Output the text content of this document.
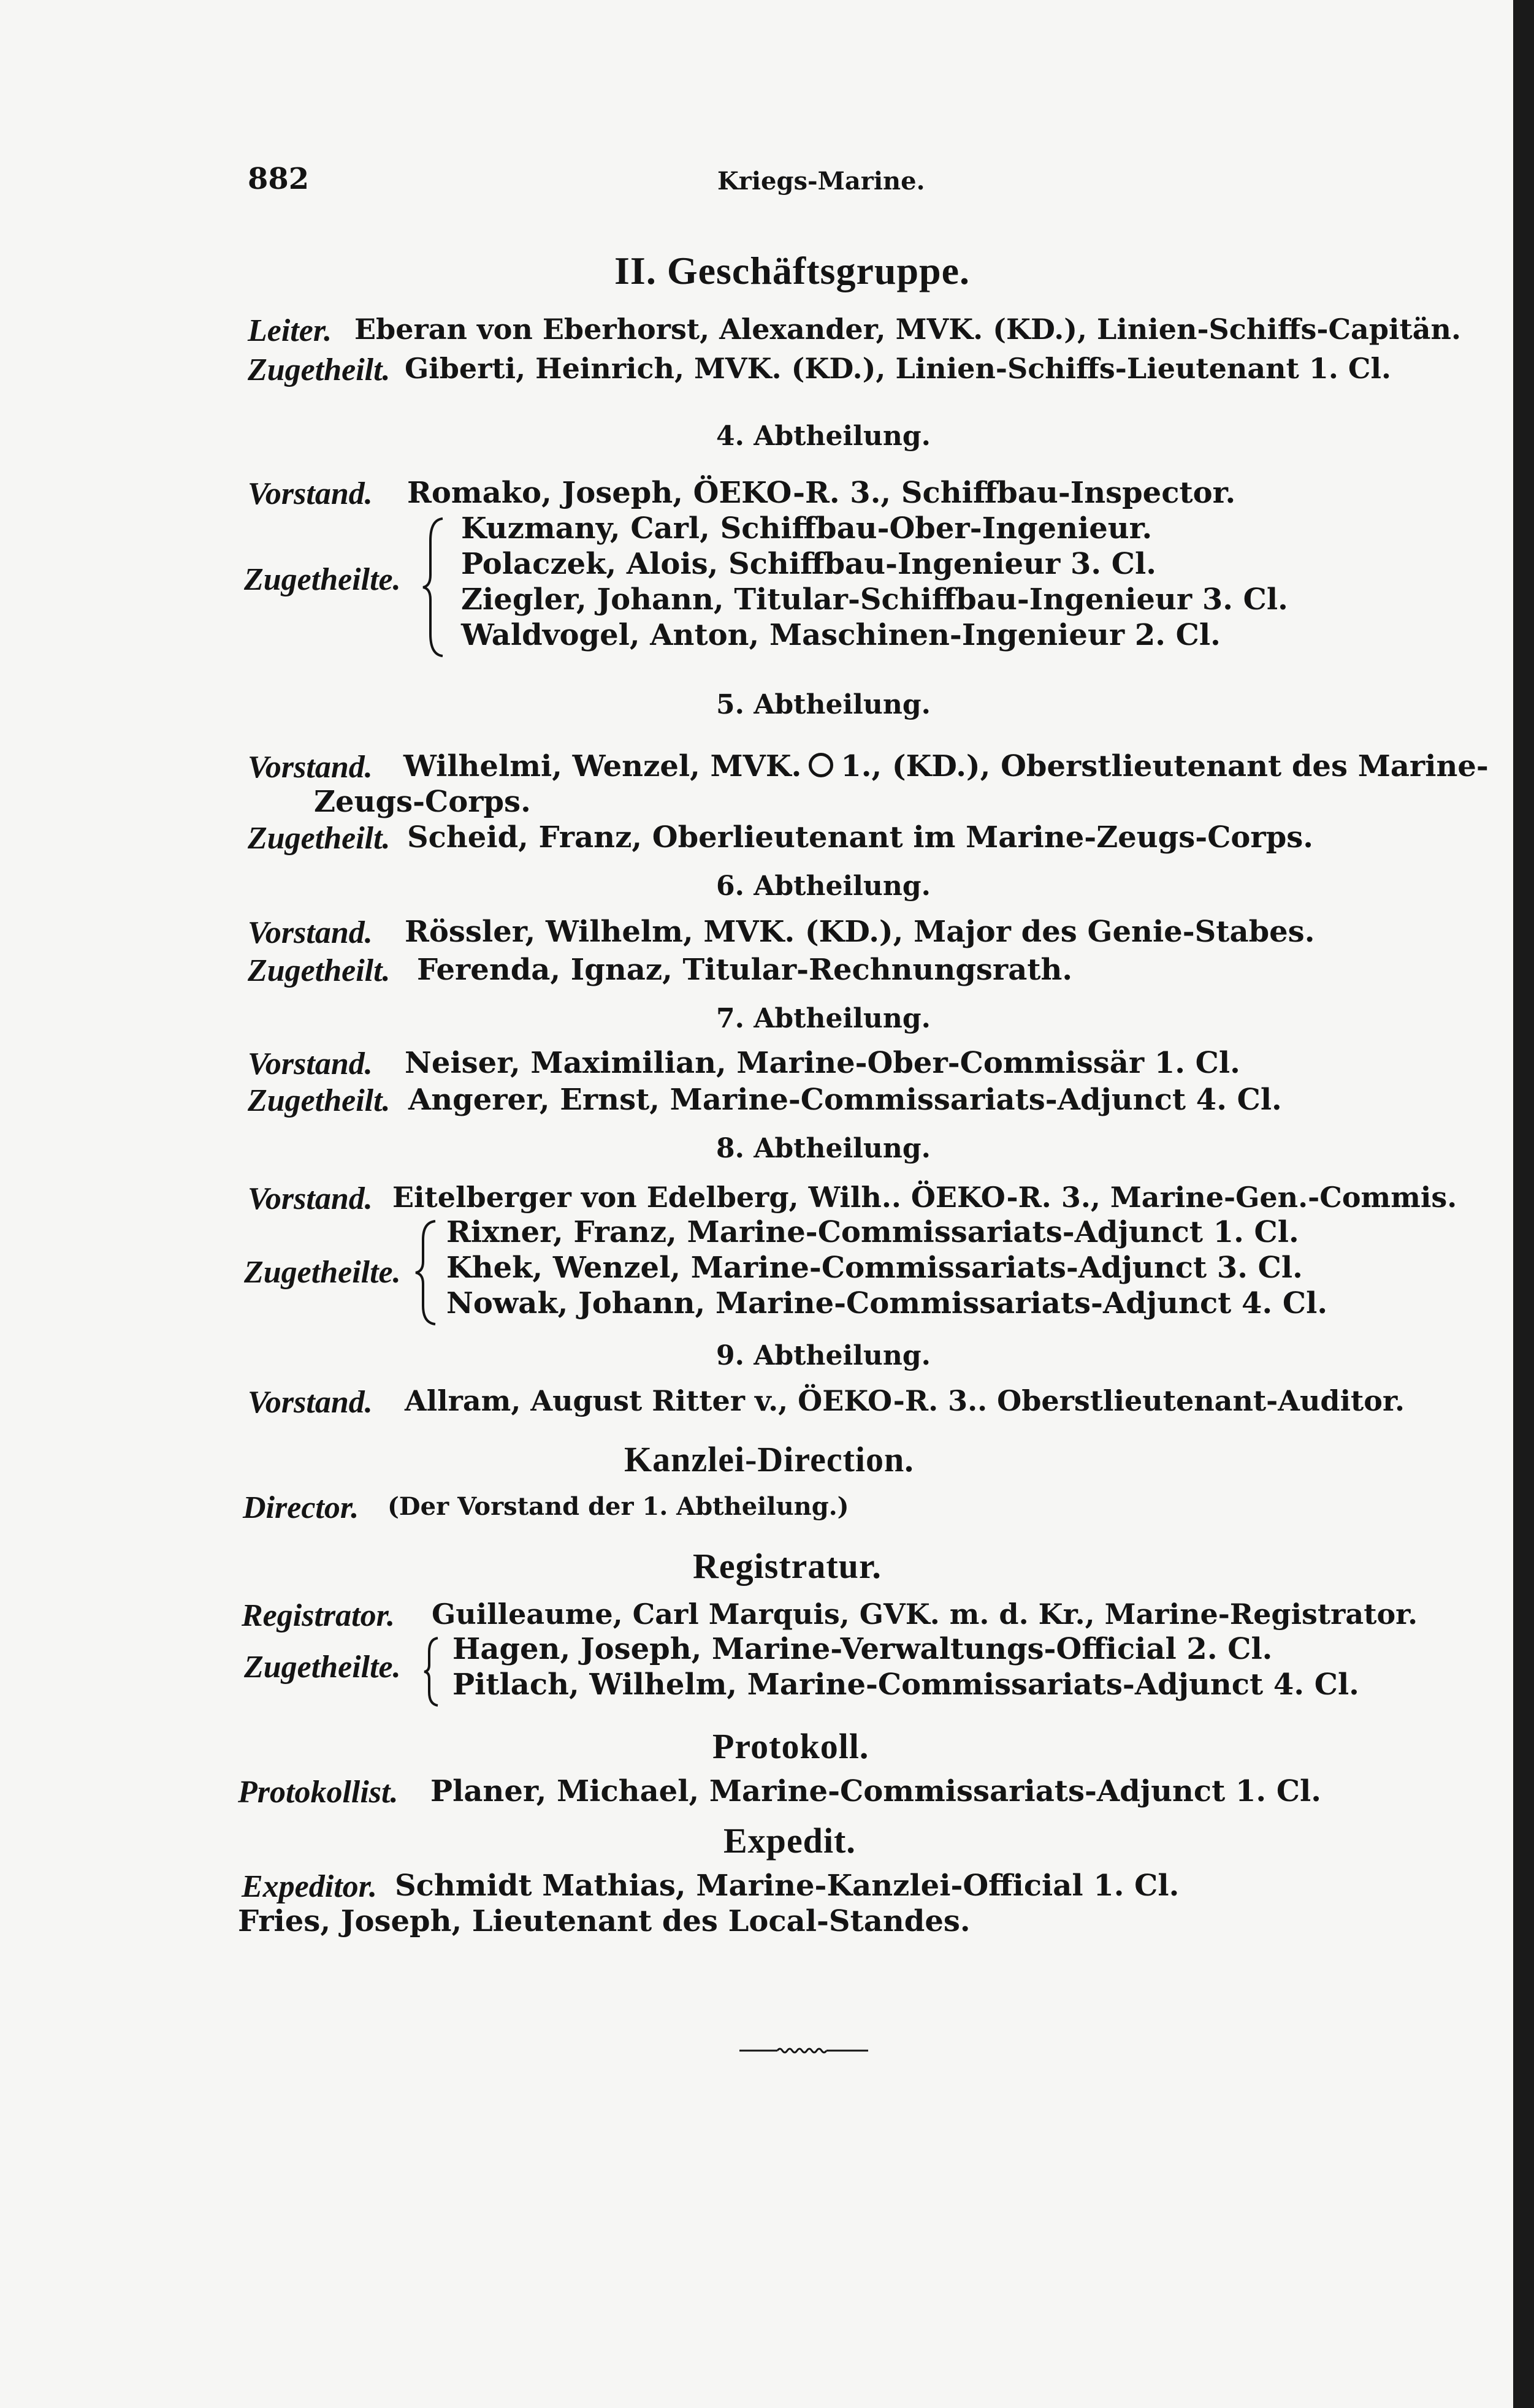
882	Kriegs-Marine.
II. Geschäftsgruppe.
Leiter. Eberan von Eberhorst, Alexander, MVK. (KD.), Linien-Schiffs-Capitän.
Zugetheilt. Giberti, Heinrich, MVK. (KD.), Linien-Schiffs-Lieutenant 1. Cl.
4. Abtheilung.
Vorstand. Romako, Joseph, ÖEKO-R. 3., Schiffbau-Inspector.
Zugetheilte.
Kuzmany, Carl, Schiffbau-Ober-Ingenieur.
Polaczek, Alois, Schiffbau-Ingenieur 3. Cl.
Ziegler, Johann, Titular-Schiffbau-Ingenieur 3. Cl.
Waldvogel, Anton, Maschinen-Ingenieur 2. Cl.
5. Abtheilung.
Vorstand. Wilhelmi, Wenzel, MVK. 1., (KD.), Oberstlieutenant des Marine-
Zeugs-Corps.
Zugetheilt. Scheid, Franz, Oberlieutenant im Marine-Zeugs-Corps.
6. Abtheilung.
Vorstand. Rössler, Wilhelm, MVK. (KD.), Major des Genie-Stabes.
Zugetheilt. Ferenda, Ignaz, Titular-Rechnungsrath.
7. Abtheilung.
Vorstand. Neiser, Maximilian, Marine-Ober-Commissär 1. Cl.
Zugetheilt. Angerer, Ernst, Marine-Commissariats-Adjunct 4. Cl.
8. Abtheilung.
Vorstand. Eitelberger von Edelberg, Wilh.. ÖEKO-R. 3., Marine-Gen.-Commis.
Zugetheilte.
Rixner, Franz, Marine-Commissariats-Adjunct 1. Cl.
Khek, Wenzel, Marine-Commissariats-Adjunct 3. Cl.
Nowak, Johann, Marine-Commissariats-Adjunct 4. Cl.
9. Abtheilung.
Vorstand. Allram, August Ritter v., ÖEKO-R. 3.. Oberstlieutenant-Auditor.
Kanzlei-Direction.
Director. (Der Vorstand der 1. Abtheilung.)
Registratur.
Registrator. Guilleaume, Carl Marquis, GVK. m. d. Kr., Marine-Registrator.
Zugetheilte.
Hagen, Joseph, Marine-Verwaltungs-Official 2. Cl.
Pitlach, Wilhelm, Marine-Commissariats-Adjunct 4. Cl.
Protokoll.
Protokollist. Planer, Michael, Marine-Commissariats-Adjunct 1. Cl.
Expedit.
Expeditor. Schmidt Mathias, Marine-Kanzlei-Official 1. Cl.
Fries, Joseph, Lieutenant des Local-Standes.
